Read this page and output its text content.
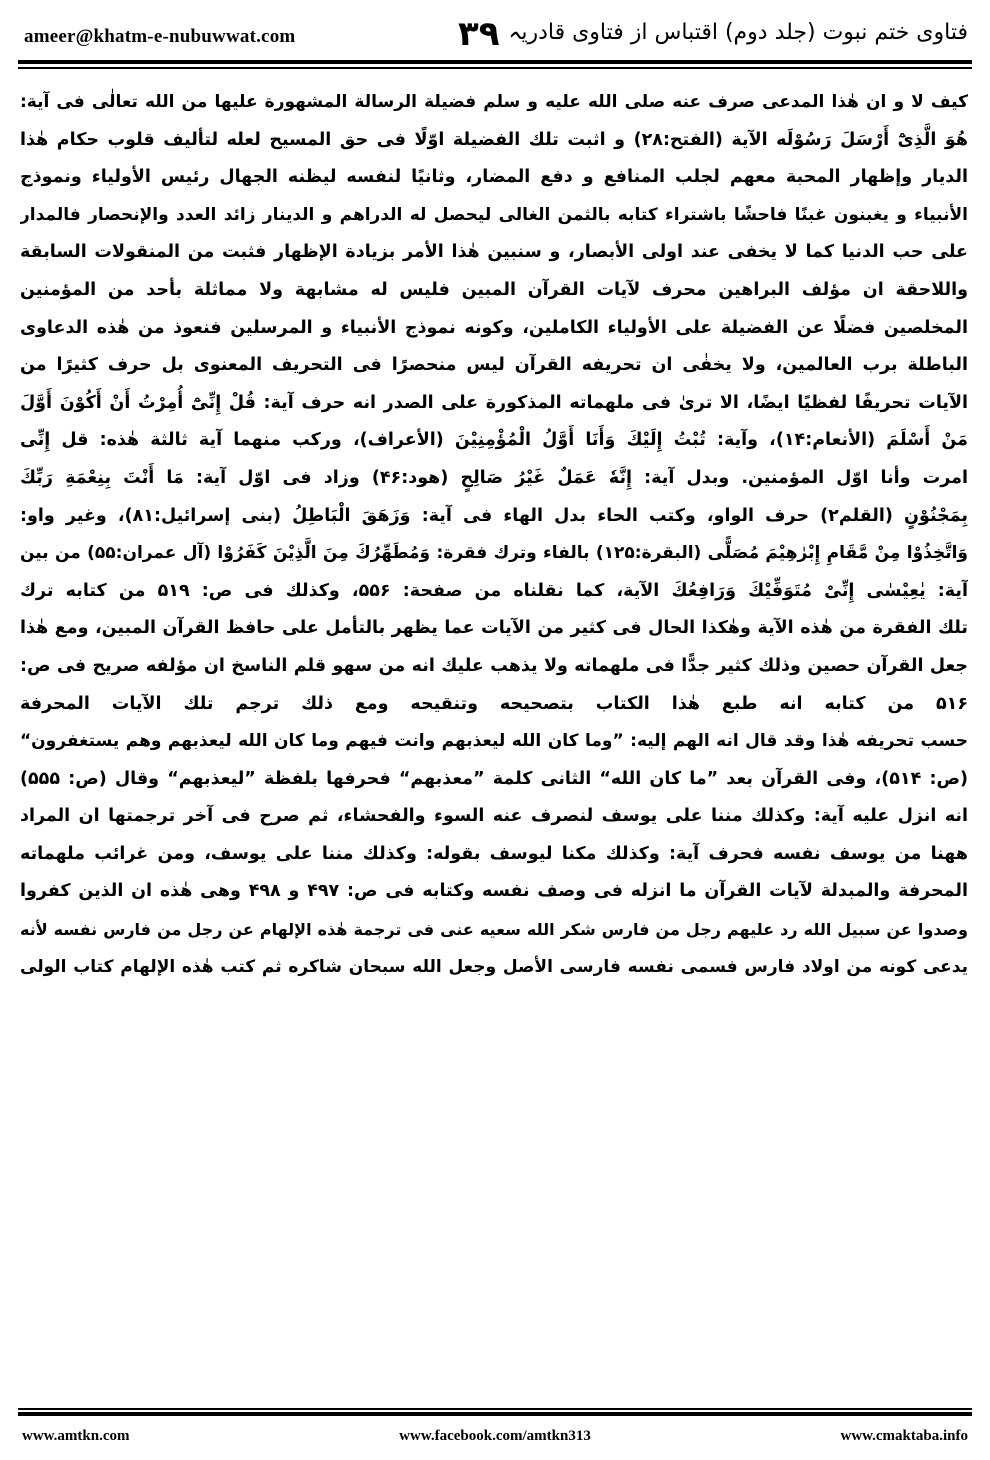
ameer@khatm-e-nubuwwat.com	۳۹ فتاوی ختم نبوت (جلد دوم) اقتباس از فتاوی قادریہ
كيف لا و ان هٰذا المدعى صرف عنه صلى الله عليه و سلم فضيلة الرسالة المشهورة عليها من الله تعالٰى فى آية:
هُوَ الَّذِىْٓ أَرْسَلَ رَسُوْلَه الآية (الفتح:۲۸) و اثبت تلك الفضيلة اوّلًا فى حق المسيح لعله لتأليف قلوب حكام هٰذا
الديار وإظهار المحبة معهم لجلب المنافع و دفع المضار، وثانيًا لنفسه ليظنه الجهال رئيس الأولياء ونموذج
الأنبياء و يغبنون غبنًا فاحشًا باشتراء كتابه بالثمن الغالى ليحصل له الدراهم و الدينار زائد العدد والإنحصار فالمدار
على حب الدنيا كما لا يخفى عند اولى الأبصار، و سنبين هٰذا الأمر بزيادة الإظهار فثبت من المنقولات السابقة
واللاحقة ان مؤلف البراهين محرف لآيات القرآن المبين فليس له مشابهة ولا مماثلة بأحد من المؤمنين
المخلصين فضلًا عن الفضيلة على الأولياء الكاملين، وكونه نموذج الأنبياء و المرسلين فنعوذ من هٰذه الدعاوى
الباطلة برب العالمين، ولا يخفٰى ان تحريفه القرآن ليس منحصرًا فى التحريف المعنوى بل حرف كثيرًا من
الآيات تحريفًا لفظيًا ايضًا، الا ترىٰ فى ملهماته المذكورة على الصدر انه حرف آية: قُلْ إِنِّىْٓ أُمِرْتُ أَنْ أَكُوْنَ أَوَّلَ
مَنْ أَسْلَمَ (الأنعام:۱۴)، وآية: تُبْتُ إِلَيْكَ وَأَنَا أَوَّلُ الْمُؤْمِنِيْنَ (الأعراف)، وركب منهما آية ثالثة هٰذه: قل إِنِّى
امرت وأنا اوّل المؤمنين. وبدل آية: إِنَّهٗ عَمَلٌ غَيْرُ صَالِحٍ (هود:۴۶) وزاد فى اوّل آية: مَا أَنْتَ بِنِعْمَةِ رَبِّكَ
بِمَجْنُوْنٍ (القلم۲) حرف الواو، وكتب الحاء بدل الهاء فى آية: وَزَهَقَ الْبَاطِلُ (بنى إسرائيل:۸۱)، وغير واو:
وَاتَّخِذُوْا مِنْ مَّقَامِ إِبْرٰهِيْمَ مُصَلًّى (البقرة:۱۲۵) بالفاء وترك فقرة: وَمُطَهِّرُكَ مِنَ الَّذِيْنَ كَفَرُوْا (آل عمران:۵۵) من بين
آية: يٰعِيْسٰى إِنِّىْ مُتَوَفِّيْكَ وَرَافِعُكَ الآية، كما نقلناه من صفحة: ۵۵۶، وكذلك فى ص: ۵۱۹ من كتابه ترك
تلك الفقرة من هٰذه الآية وهٰكذا الحال فى كثير من الآيات عما يظهر بالتأمل على حافظ القرآن المبين، ومع هٰذا
جعل القرآن حصين وذلك كثير جدًّا فى ملهماته ولا يذهب عليك انه من سهو قلم الناسخ ان مؤلفه صريح فى ص:
۵۱۶ من كتابه انه طبع هٰذا الكتاب بتصحيحه وتنقيحه ومع ذلك ترجم تلك الآيات المحرفة
حسب تحريفه هٰذا وقد قال انه الهم إليه: ”وما كان الله ليعذبهم وانت فيهم وما كان الله ليعذبهم وهم يستغفرون“
(ص: ۵۱۴)، وفى القرآن بعد ”ما كان الله“ الثانى كلمة ”معذبهم“ فحرفها بلفظة ”ليعذبهم“ وقال (ص: ۵۵۵)
انه انزل عليه آية: وكذلك مننا على يوسف لنصرف عنه السوء والفحشاء، ثم صرح فى آخر ترجمتها ان المراد
ههنا من يوسف نفسه فحرف آية: وكذلك مكنا ليوسف بقوله: وكذلك مننا على يوسف، ومن غرائب ملهماته
المحرفة والمبدلة لآيات القرآن ما انزله فى وصف نفسه وكتابه فى ص: ۴۹۷ و ۴۹۸ وهى هٰذه ان الذين كفروا
وصدوا عن سبيل الله رد عليهم رجل من فارس شكر الله سعيه عنى فى ترجمة هٰذه الإلهام عن رجل من فارس نفسه لأنه
يدعى كونه من اولاد فارس فسمى نفسه فارسى الأصل وجعل الله سبحان شاكره ثم كتب هٰذه الإلهام كتاب الولى
www.amtkn.com	www.facebook.com/amtkn313	www.cmaktaba.info
